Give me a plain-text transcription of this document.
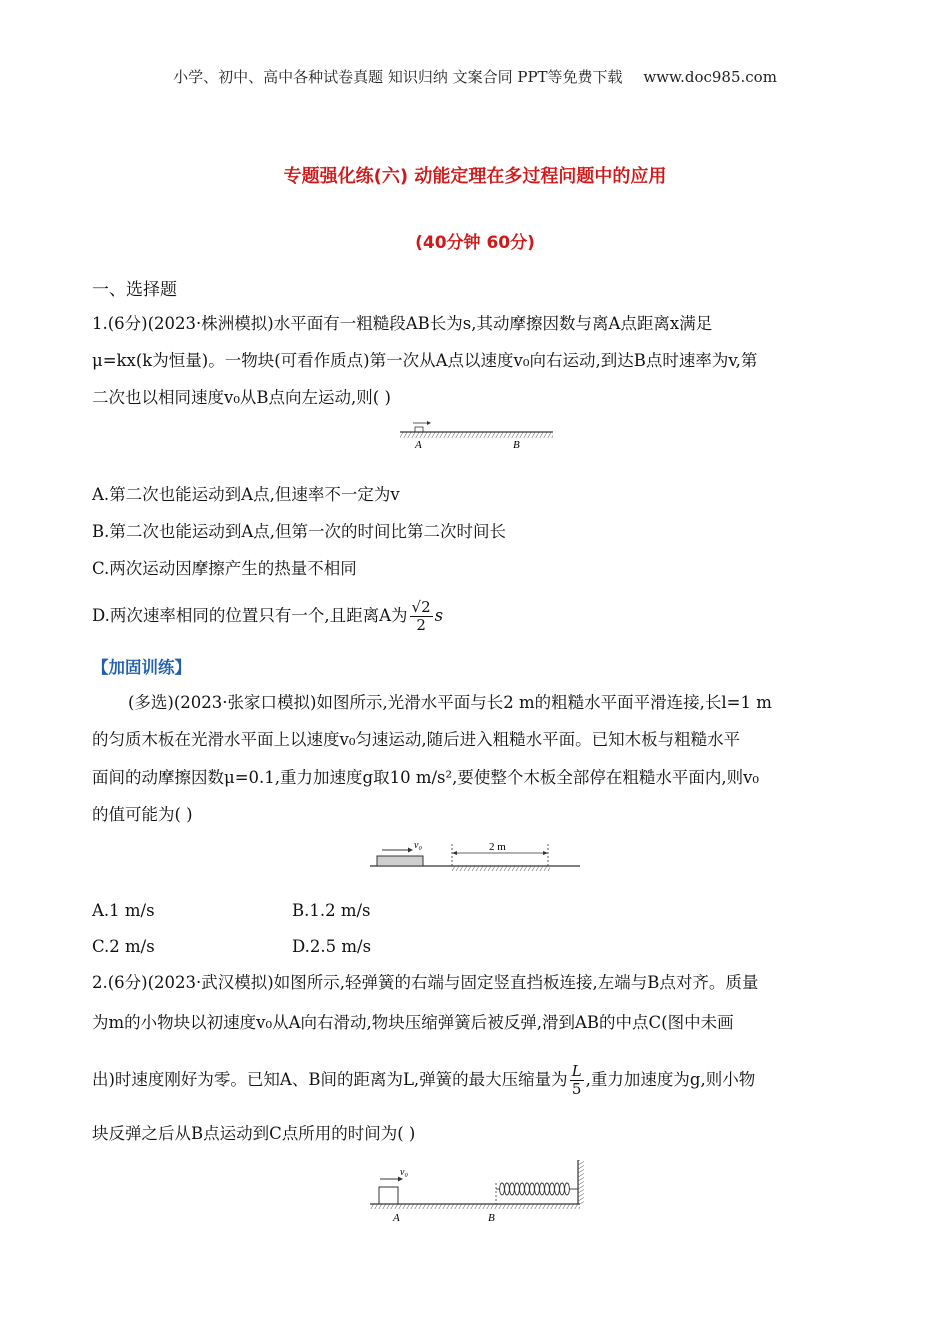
小学、初中、高中各种试卷真题 知识归纳 文案合同 PPT等免费下载 www.doc985.com
专题强化练(六) 动能定理在多过程问题中的应用
(40分钟 60分)
一、选择题
1.(6分)(2023·株洲模拟)水平面有一粗糙段AB长为s,其动摩擦因数与离A点距离x满足
μ=kx(k为恒量)。一物块(可看作质点)第一次从A点以速度v₀向右运动,到达B点时速率为v,第
二次也以相同速度v₀从B点向左运动,则( )
A	B
A.第二次也能运动到A点,但速率不一定为v
B.第二次也能运动到A点,但第一次的时间比第二次时间长
C.两次运动因摩擦产生的热量不相同
D.两次速率相同的位置只有一个,且距离A为 $\frac{√2}{2}$ s
【加固训练】
(多选)(2023·张家口模拟)如图所示,光滑水平面与长2 m的粗糙水平面平滑连接,长l=1 m
的匀质木板在光滑水平面上以速度v₀匀速运动,随后进入粗糙水平面。已知木板与粗糙水平
面间的动摩擦因数μ=0.1,重力加速度g取10 m/s²,要使整个木板全部停在粗糙水平面内,则v₀
的值可能为( )
v₀	2 m
A.1 m/s	B.1.2 m/s
C.2 m/s	D.2.5 m/s
2.(6分)(2023·武汉模拟)如图所示,轻弹簧的右端与固定竖直挡板连接,左端与B点对齐。质量
为m的小物块以初速度v₀从A向右滑动,物块压缩弹簧后被反弹,滑到AB的中点C(图中未画
出)时速度刚好为零。已知A、B间的距离为L,弹簧的最大压缩量为 $\frac{L}{5}$ ,重力加速度为g,则小物
块反弹之后从B点运动到C点所用的时间为( )
v₀
A	B
